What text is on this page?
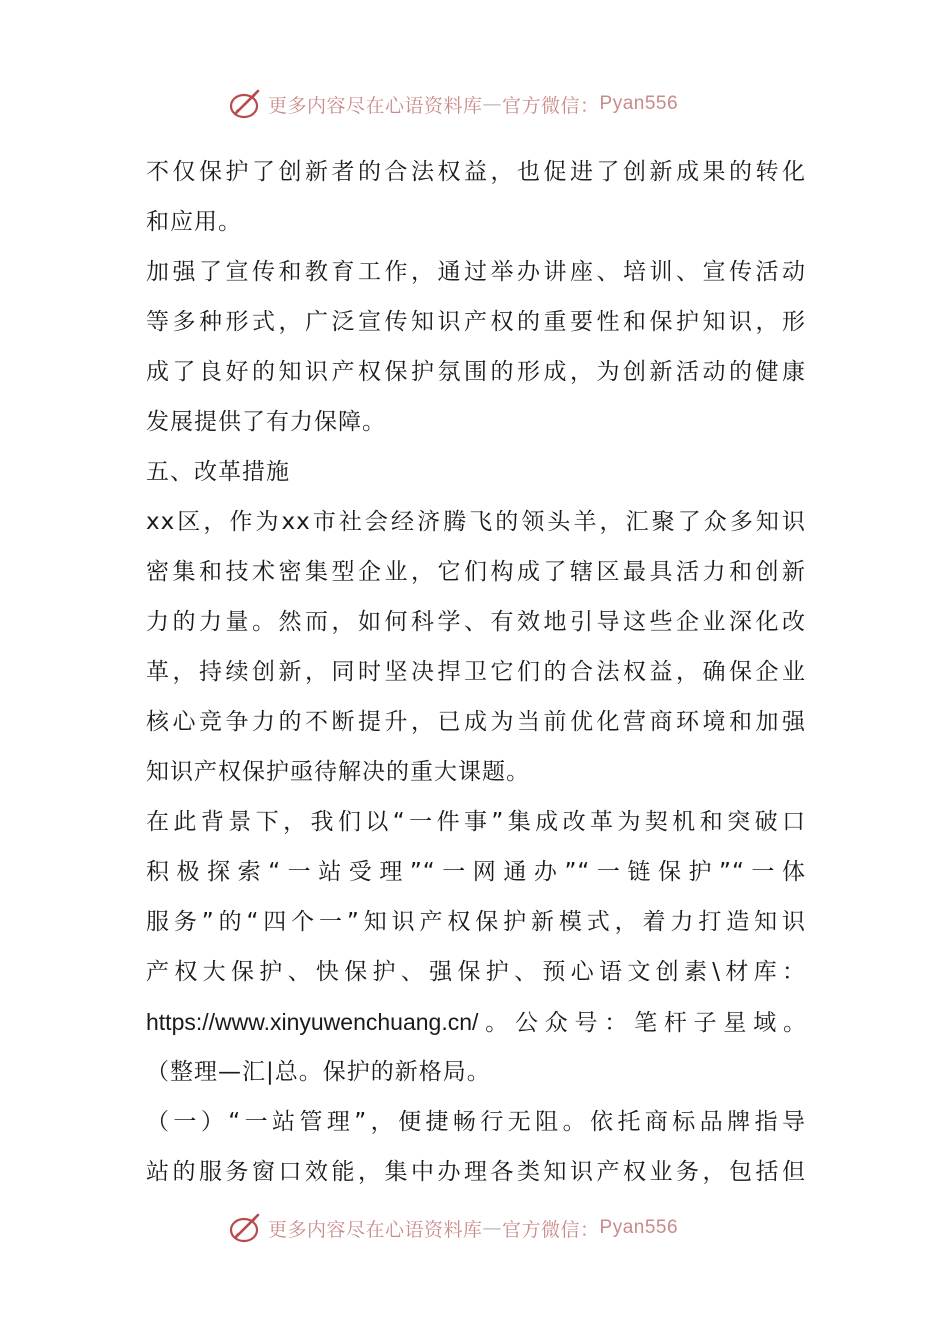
更多内容尽在心语资料库 — 官方微信： Pyan556
不仅保护了创新者的合法权益，也促进了创新成果的转化
和应用。
加强了宣传和教育工作，通过举办讲座、培训、宣传活动
等多种形式，广泛宣传知识产权的重要性和保护知识，形
成了良好的知识产权保护氛围的形成，为创新活动的健康
发展提供了有力保障。
五、改革措施
xx区，作为xx市社会经济腾飞的领头羊，汇聚了众多知识
密集和技术密集型企业，它们构成了辖区最具活力和创新
力的力量。然而，如何科学、有效地引导这些企业深化改
革，持续创新，同时坚决捍卫它们的合法权益，确保企业
核心竞争力的不断提升，已成为当前优化营商环境和加强
知识产权保护亟待解决的重大课题。
在此背景下，我们以“一件事”集成改革为契机和突破口
积极探索“一站受理”“一网通办”“一链保护”“一体
服务”的“四个一”知识产权保护新模式，着力打造知识
产权大保护、快保护、强保护、预心语文创素\材库：
https://www.xinyuwenchuang.cn/。公众号：笔杆子星域。
（整理—汇|总。保护的新格局。
（一）“一站管理”，便捷畅行无阻。依托商标品牌指导
站的服务窗口效能，集中办理各类知识产权业务，包括但
更多内容尽在心语资料库 — 官方微信： Pyan556
